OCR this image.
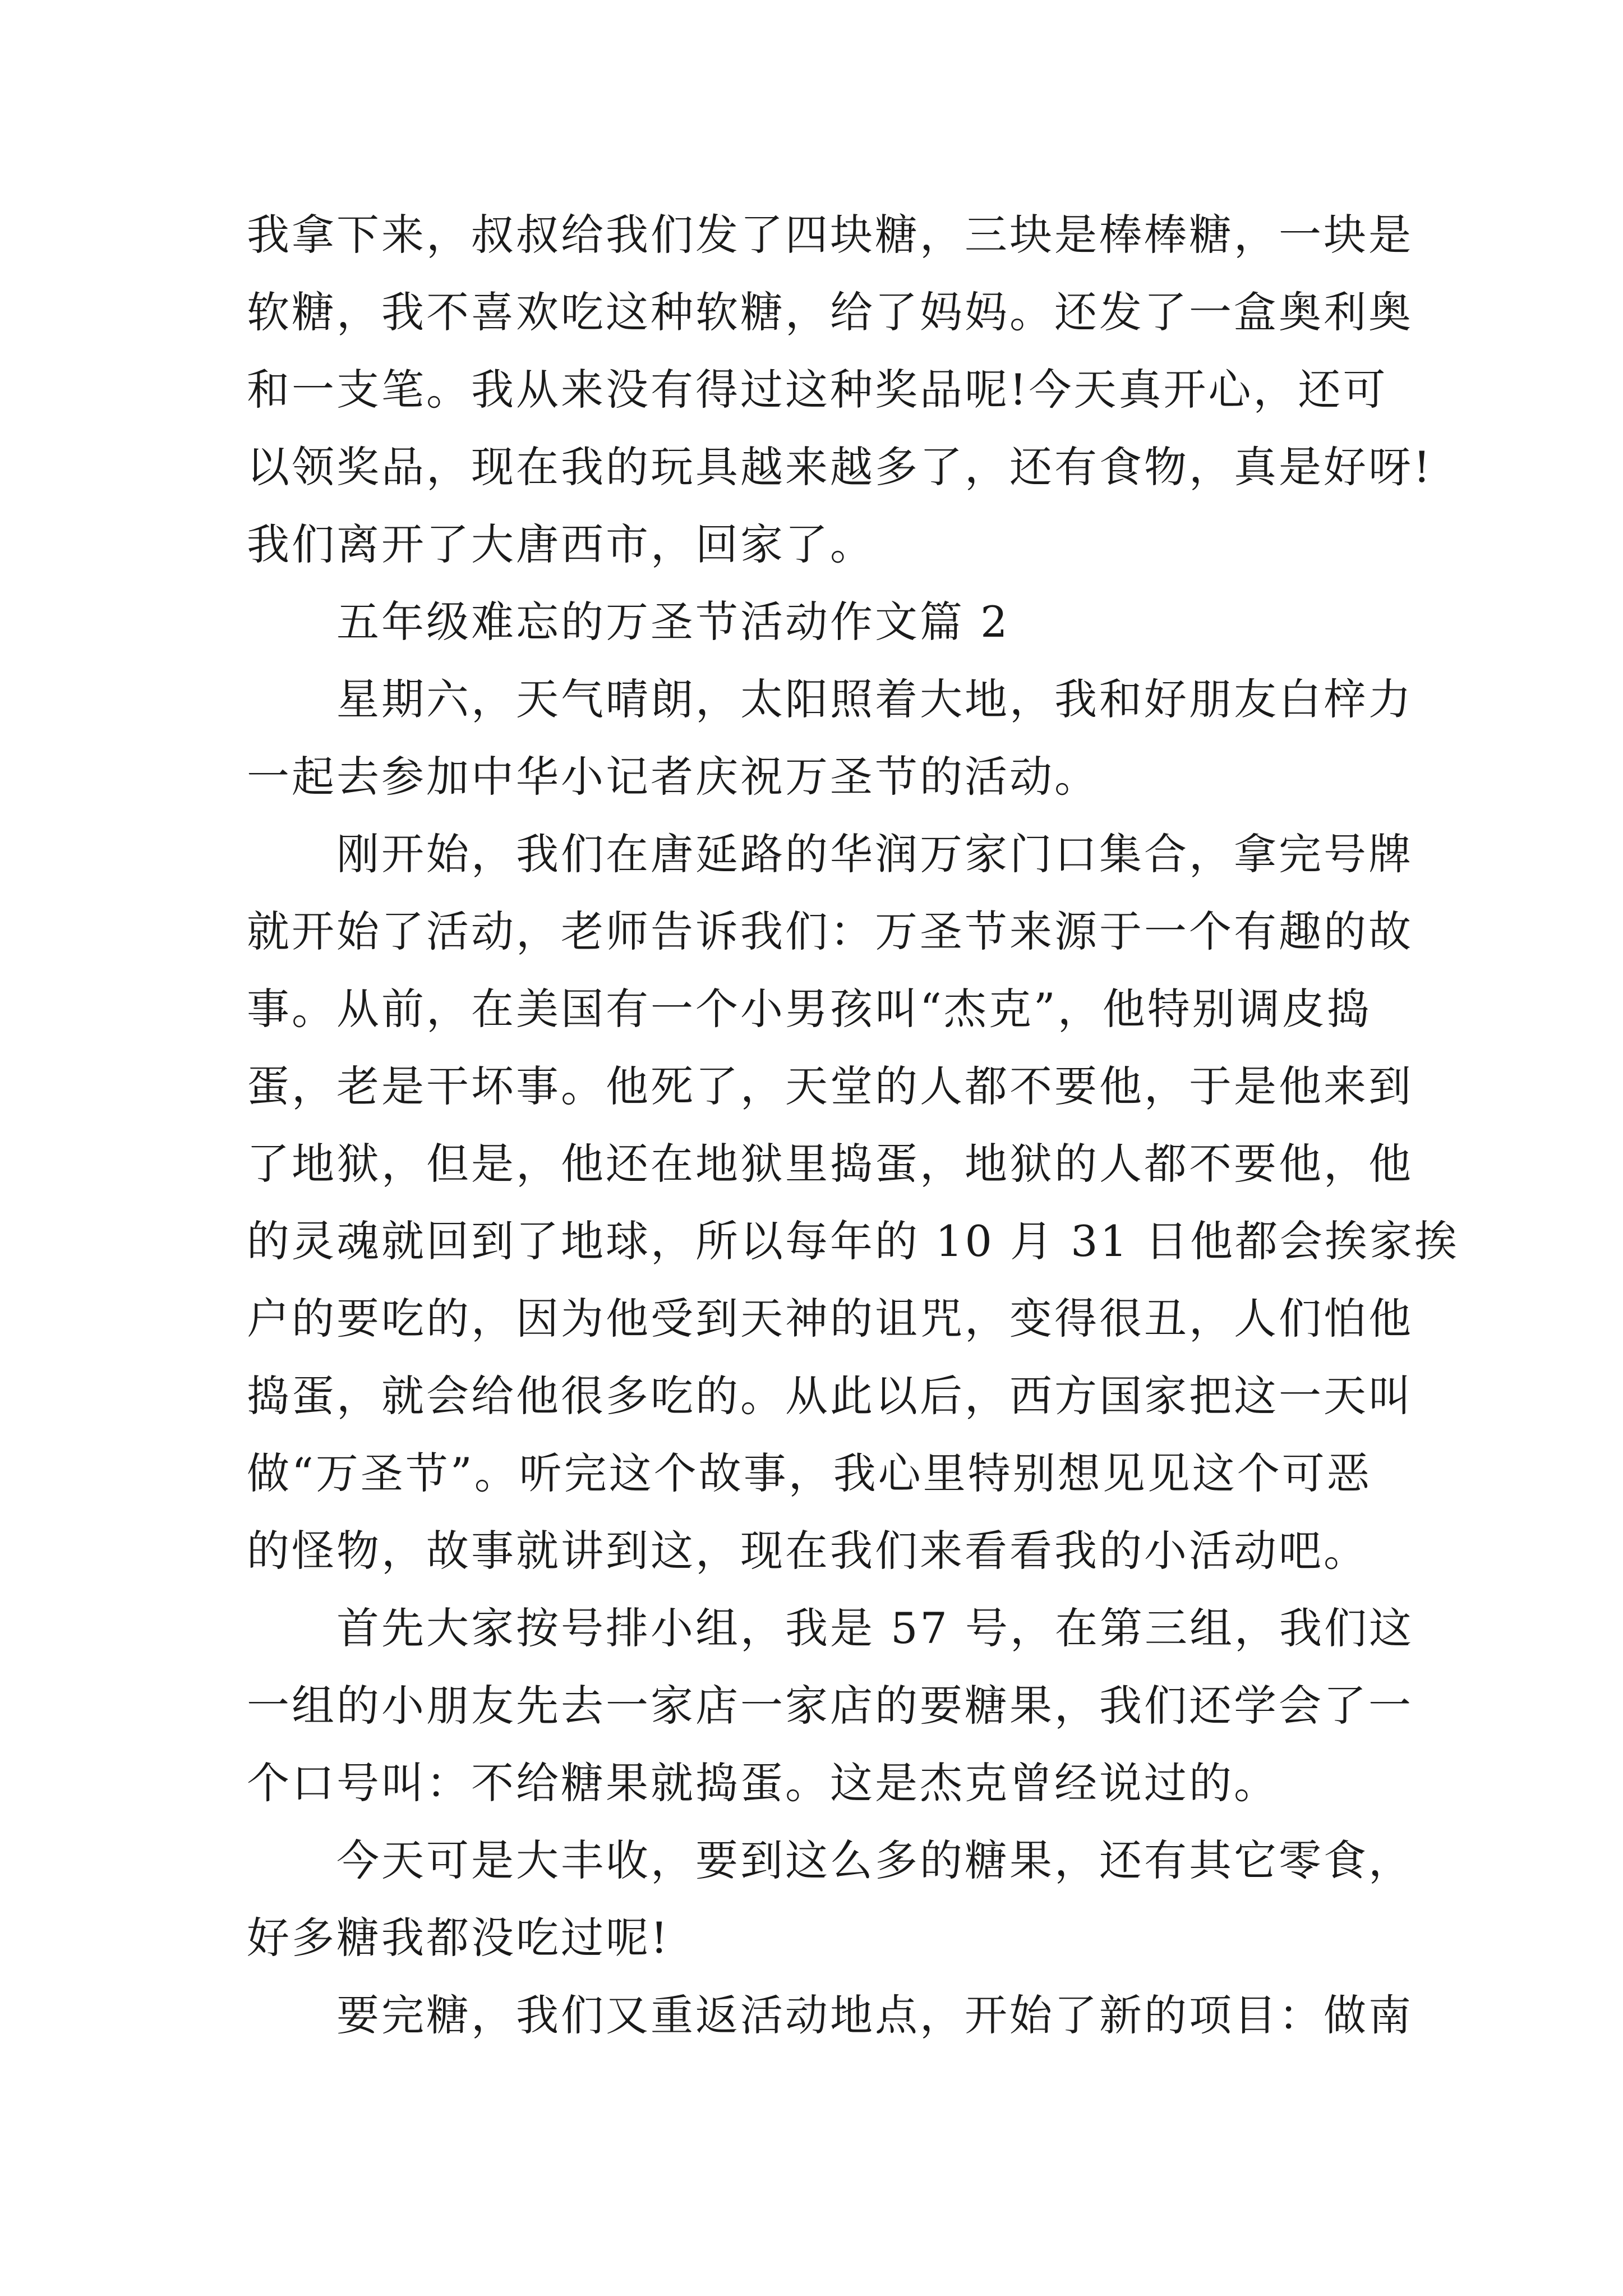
我拿下来，叔叔给我们发了四块糖，三块是棒棒糖，一块是
软糖，我不喜欢吃这种软糖，给了妈妈。还发了一盒奥利奥
和一支笔。我从来没有得过这种奖品呢!今天真开心，还可
以领奖品，现在我的玩具越来越多了，还有食物，真是好呀!
我们离开了大唐西市，回家了。
五年级难忘的万圣节活动作文篇 2
星期六，天气晴朗，太阳照着大地，我和好朋友白梓力
一起去参加中华小记者庆祝万圣节的活动。
刚开始，我们在唐延路的华润万家门口集合，拿完号牌
就开始了活动，老师告诉我们：万圣节来源于一个有趣的故
事。从前，在美国有一个小男孩叫“杰克”，他特别调皮捣
蛋，老是干坏事。他死了，天堂的人都不要他，于是他来到
了地狱，但是，他还在地狱里捣蛋，地狱的人都不要他，他
的灵魂就回到了地球，所以每年的 10 月 31 日他都会挨家挨
户的要吃的，因为他受到天神的诅咒，变得很丑，人们怕他
捣蛋，就会给他很多吃的。从此以后，西方国家把这一天叫
做“万圣节”。听完这个故事，我心里特别想见见这个可恶
的怪物，故事就讲到这，现在我们来看看我的小活动吧。
首先大家按号排小组，我是 57 号，在第三组，我们这
一组的小朋友先去一家店一家店的要糖果，我们还学会了一
个口号叫：不给糖果就捣蛋。这是杰克曾经说过的。
今天可是大丰收，要到这么多的糖果，还有其它零食，
好多糖我都没吃过呢!
要完糖，我们又重返活动地点，开始了新的项目：做南
